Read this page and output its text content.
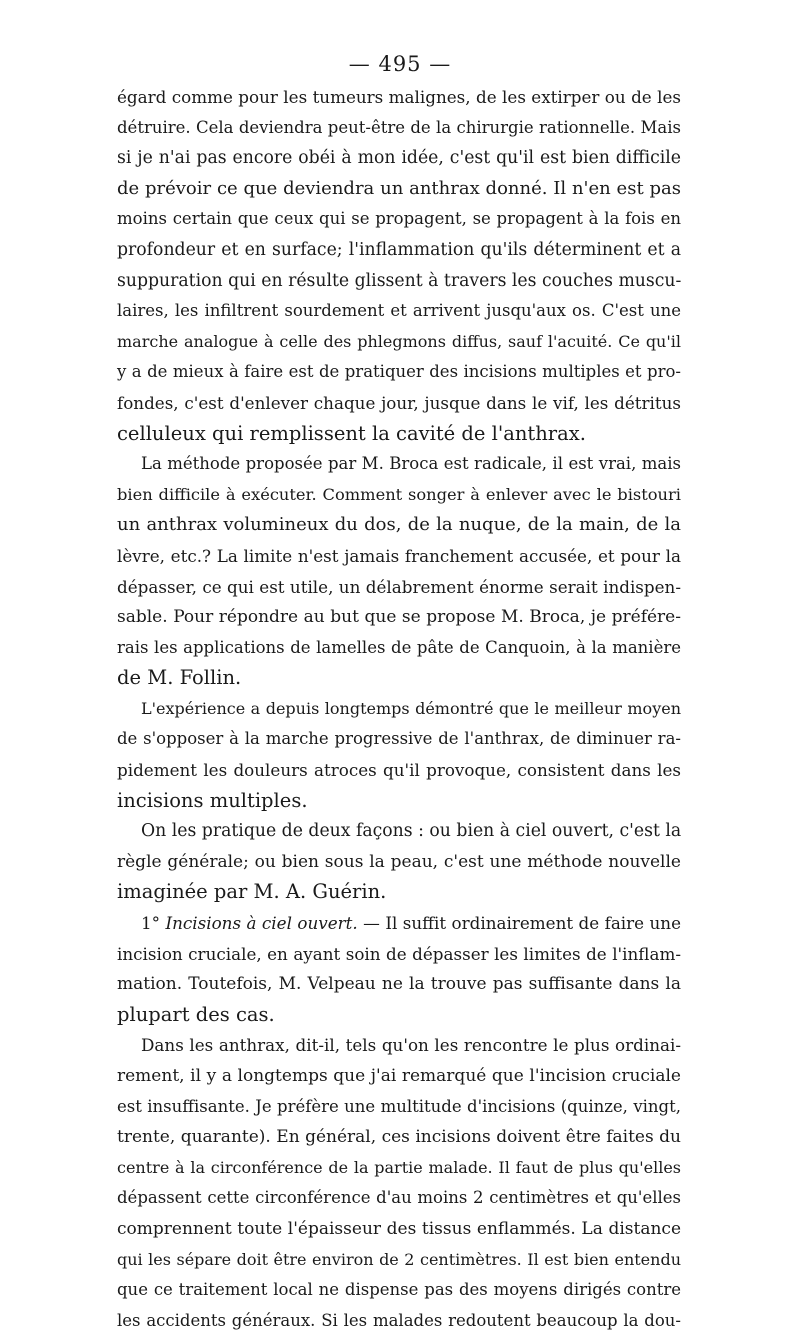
— 495 —
égard comme pour les tumeurs malignes, de les extirper ou de les
détruire. Cela deviendra peut-être de la chirurgie rationnelle. Mais
si je n'ai pas encore obéi à mon idée, c'est qu'il est bien difficile
de prévoir ce que deviendra un anthrax donné. Il n'en est pas
moins certain que ceux qui se propagent, se propagent à la fois en
profondeur et en surface; l'inflammation qu'ils déterminent et a
suppuration qui en résulte glissent à travers les couches muscu-
laires, les infiltrent sourdement et arrivent jusqu'aux os. C'est une
marche analogue à celle des phlegmons diffus, sauf l'acuité. Ce qu'il
y a de mieux à faire est de pratiquer des incisions multiples et pro-
fondes, c'est d'enlever chaque jour, jusque dans le vif, les détritus
celluleux qui remplissent la cavité de l'anthrax.
La méthode proposée par M. Broca est radicale, il est vrai, mais
bien difficile à exécuter. Comment songer à enlever avec le bistouri
un anthrax volumineux du dos, de la nuque, de la main, de la
lèvre, etc.? La limite n'est jamais franchement accusée, et pour la
dépasser, ce qui est utile, un délabrement énorme serait indispen-
sable. Pour répondre au but que se propose M. Broca, je préfére-
rais les applications de lamelles de pâte de Canquoin, à la manière
de M. Follin.
L'expérience a depuis longtemps démontré que le meilleur moyen
de s'opposer à la marche progressive de l'anthrax, de diminuer ra-
pidement les douleurs atroces qu'il provoque, consistent dans les
incisions multiples.
On les pratique de deux façons : ou bien à ciel ouvert, c'est la
règle générale; ou bien sous la peau, c'est une méthode nouvelle
imaginée par M. A. Guérin.
1° Incisions à ciel ouvert. — Il suffit ordinairement de faire une
incision cruciale, en ayant soin de dépasser les limites de l'inflam-
mation. Toutefois, M. Velpeau ne la trouve pas suffisante dans la
plupart des cas.
Dans les anthrax, dit-il, tels qu'on les rencontre le plus ordinai-
rement, il y a longtemps que j'ai remarqué que l'incision cruciale
est insuffisante. Je préfère une multitude d'incisions (quinze, vingt,
trente, quarante). En général, ces incisions doivent être faites du
centre à la circonférence de la partie malade. Il faut de plus qu'elles
dépassent cette circonférence d'au moins 2 centimètres et qu'elles
comprennent toute l'épaisseur des tissus enflammés. La distance
qui les sépare doit être environ de 2 centimètres. Il est bien entendu
que ce traitement local ne dispense pas des moyens dirigés contre
les accidents généraux. Si les malades redoutent beaucoup la dou-
